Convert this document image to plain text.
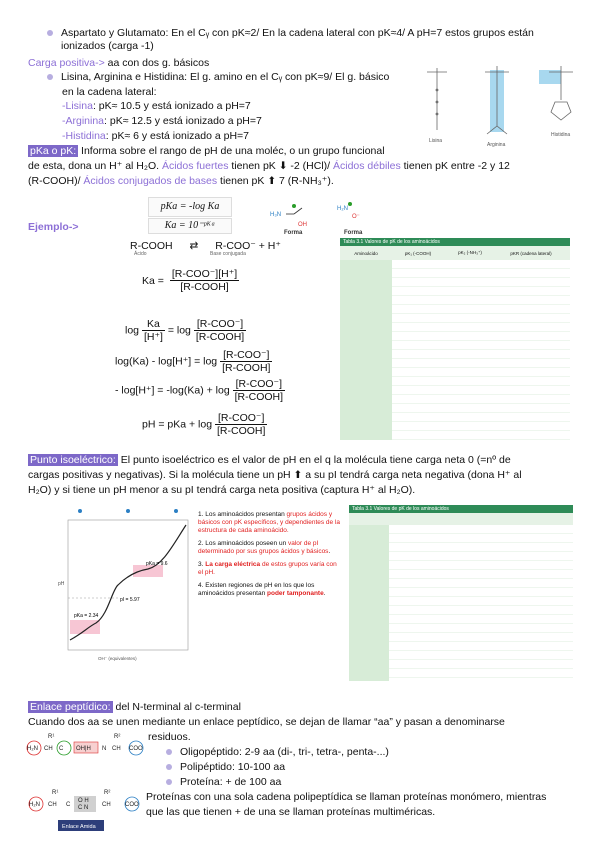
Aspartato y Glutamato: En el Cᵧ con pK≈2/ En la cadena lateral con pK≈4/ A pH=7 estos grupos están ionizados (carga -1)
Carga positiva-> aa con dos g. básicos
Lisina, Arginina e Histidina: El g. amino en el Cᵧ con pK≈9/ El g. básico
en la cadena lateral:
-Lisina: pK≈ 10.5 y está ionizado a pH=7
-Arginina: pK≈ 12.5 y está ionizado a pH=7
-Histidina: pK≈ 6 y está ionizado a pH=7	Lisina
Arginina
Histidina
pKa o pK: Informa sobre el rango de pH de una moléc, o un grupo funcional
de esta, dona un H⁺ al H₂O. Ácidos fuertes tienen pK ⬇ -2 (HCl)/ Ácidos débiles tienen pK entre -2 y 12
(R-COOH)/ Ácidos conjugados de bases tienen pK ⬆ 7 (R-NH₃⁺).
Ejemplo->
pKa = -log Ka
Ka = 10⁻ᵖᴷᵃ
H₃N
OH
H₂N
O⁻
Forma	Forma
R-COOH ⇄ R-COO⁻ + H⁺
Ácido	Base conjugada
$Ka = \frac{\text{[R-COO⁻][H⁺]}}{\text{[R-COOH]}}$
$\log \frac{Ka}{[H^+]} = \log \frac{\text{[R-COO⁻]}}{\text{[R-COOH]}}$
$\log(Ka) - \log[H^+] = \log \frac{\text{[R-COO⁻]}}{\text{[R-COOH]}}$
- $\log[H^+] = -\log(Ka) + \log \frac{\text{[R-COO⁻]}}{\text{[R-COOH]}}$
pH = pKa + $\log \frac{\text{[R-COO⁻]}}{\text{[R-COOH]}}$
Tabla 3.1 Valores de pK de los aminoácidos
Aminoácido	pK₁ (-COOH)	pK₂ (-NH₃⁺)	pKR (cadena lateral)
Punto isoeléctrico: El punto isoeléctrico es el valor de pH en el q la molécula tiene carga neta 0 (=nº de
cargas positivas y negativas). Si la molécula tiene un pH ⬆ a su pI tendrá carga neta negativa (dona H⁺ al
H₂O) y si tiene un pH menor a su pI tendrá carga neta positiva (captura H⁺ al H₂O).
pKa = 9.6
pI = 5.97
pKa = 2.34
OH⁻ (equivalentes)
pH
1. Los aminoácidos presentan grupos ácidos y básicos con pK específicos, y dependientes de la estructura de cada aminoácido.
2. Los aminoácidos poseen un valor de pI determinado por sus grupos ácidos y básicos.
3. La carga eléctrica de estos grupos varía con el pH.
4. Existen regiones de pH en los que los aminoácidos presentan poder tamponante.
Tabla 3.1 Valores de pK de los aminoácidos
Enlace peptídico: del N-terminal al c-terminal
Cuando dos aa se unen mediante un enlace peptídico, se dejan de llamar “aa” y pasan a denominarse
residuos.
Oligopéptido: 2-9 aa (di-, tri-, tetra-, penta-...)
Polipéptido: 10-100 aa
Proteína: + de 100 aa
Proteínas con una sola cadena polipeptídica se llaman proteínas monómero, mientras
que las que tienen + de una se llaman proteínas multiméricas.
H₂N CH C OH|H N CH COO
R¹	R²
H₂N CH C
O H
C N CH COO
R¹	R²
Enlace Amida
